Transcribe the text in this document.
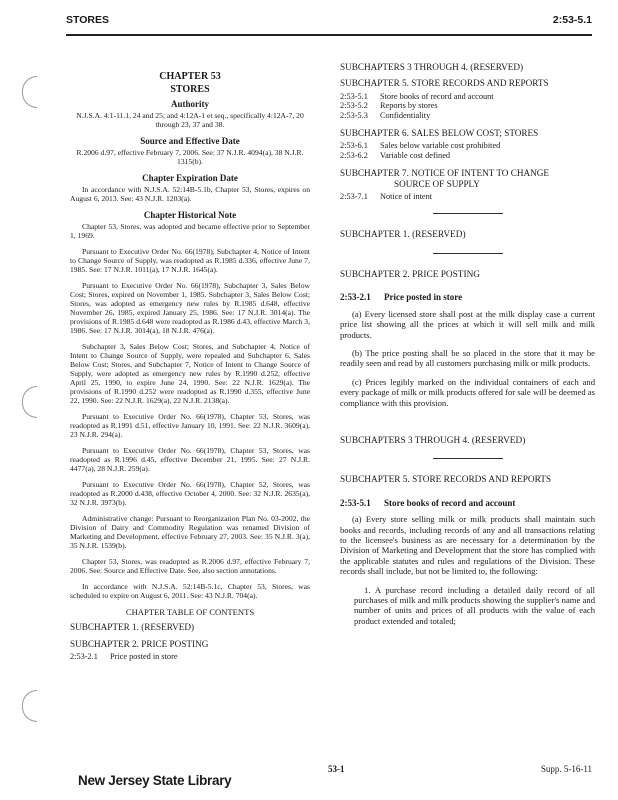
STORES	2:53-5.1
CHAPTER 53
STORES
Authority
N.J.S.A. 4:1-11.1, 24 and 25; and 4:12A-1 et seq., specifically 4:12A-7, 20 through 23, 37 and 38.
Source and Effective Date
R.2006 d.97, effective February 7, 2006. See: 37 N.J.R. 4094(a), 38 N.J.R. 1315(b).
Chapter Expiration Date
In accordance with N.J.S.A. 52:14B-5.1b, Chapter 53, Stores, expires on August 6, 2013. See: 43 N.J.R. 1203(a).
Chapter Historical Note
Chapter 53, Stores, was adopted and became effective prior to September 1, 1969.
Pursuant to Executive Order No. 66(1978), Subchapter 4, Notice of Intent to Change Source of Supply, was readopted as R.1985 d.336, effective June 7, 1985. See: 17 N.J.R. 1011(a), 17 N.J.R. 1645(a).
Pursuant to Executive Order No. 66(1978), Subchapter 3, Sales Below Cost; Stores, expired on November 1, 1985. Subchapter 3, Sales Below Cost; Stores, was adopted as emergency new rules by R.1985 d.648, effective November 26, 1985, expired January 25, 1986. See: 17 N.J.R. 3014(a). The provisions of R.1985 d.648 were readopted as R.1986 d.43, effective March 3, 1986. See: 17 N.J.R. 3014(a), 18 N.J.R. 476(a).
Subchapter 3, Sales Below Cost; Stores, and Subchapter 4, Notice of Intent to Change Source of Supply, were repealed and Subchapter 6, Sales Below Cost; Stores, and Subchapter 7, Notice of Intent to Change Source of Supply, were adopted as emergency new rules by R.1990 d.252, effective April 25, 1990, to expire June 24, 1990. See: 22 N.J.R. 1629(a). The provisions of R.1990 d.252 were readopted as R.1990 d.355, effective June 22, 1990. See: 22 N.J.R. 1629(a), 22 N.J.R. 2138(a).
Pursuant to Executive Order No. 66(1978), Chapter 53, Stores, was readopted as R.1991 d.51, effective January 10, 1991. See: 22 N.J.R. 3609(a), 23 N.J.R. 294(a).
Pursuant to Executive Order No. 66(1978), Chapter 53, Stores, was readopted as R.1996 d.45, effective December 21, 1995. See: 27 N.J.R. 4477(a), 28 N.J.R. 259(a).
Pursuant to Executive Order No. 66(1978), Chapter 52, Stores, was readopted as R.2000 d.438, effective October 4, 2000. See: 32 N.J.R. 2635(a), 32 N.J.R. 3973(b).
Administrative change: Pursuant to Reorganization Plan No. 03-2002, the Division of Dairy and Commodity Regulation was renamed Division of Marketing and Development, effective February 27, 2003. See: 35 N.J.R. 3(a), 35 N.J.R. 1539(b).
Chapter 53, Stores, was readopted as R.2006 d.97, effective February 7, 2006. See: Source and Effective Date. See, also section annotations.
In accordance with N.J.S.A. 52:14B-5.1c, Chapter 53, Stores, was scheduled to expire on August 6, 2011. See: 43 N.J.R. 704(a).
CHAPTER TABLE OF CONTENTS
SUBCHAPTER 1. (RESERVED)
SUBCHAPTER 2. PRICE POSTING
2:53-2.1	Price posted in store
SUBCHAPTERS 3 THROUGH 4. (RESERVED)
SUBCHAPTER 5. STORE RECORDS AND REPORTS
2:53-5.1	Store books of record and account
2:53-5.2	Reports by stores
2:53-5.3	Confidentiality
SUBCHAPTER 6. SALES BELOW COST; STORES
2:53-6.1	Sales below variable cost prohibited
2:53-6.2	Variable cost defined
SUBCHAPTER 7. NOTICE OF INTENT TO CHANGE
SOURCE OF SUPPLY
2:53-7.1	Notice of intent
SUBCHAPTER 1. (RESERVED)
SUBCHAPTER 2. PRICE POSTING
2:53-2.1 Price posted in store
(a) Every licensed store shall post at the milk display case a current price list showing all the prices at which it will sell milk and milk products.
(b) The price posting shall be so placed in the store that it may be readily seen and read by all customers purchasing milk or milk products.
(c) Prices legibly marked on the individual containers of each and every package of milk or milk products offered for sale will be deemed as compliance with this provision.
SUBCHAPTERS 3 THROUGH 4. (RESERVED)
SUBCHAPTER 5. STORE RECORDS AND REPORTS
2:53-5.1 Store books of record and account
(a) Every store selling milk or milk products shall maintain such books and records, including records of any and all transactions relating to the licensee's business as are necessary for a determination by the Division of Marketing and Development that the store has complied with the applicable statutes and rules and regulations of the Division. These records shall include, but not be limited to, the following:
1. A purchase record including a detailed daily record of all purchases of milk and milk products showing the supplier's name and number of units and prices of all products with the value of each product extended and totaled;
New Jersey State Library
53-1	Supp. 5-16-11
